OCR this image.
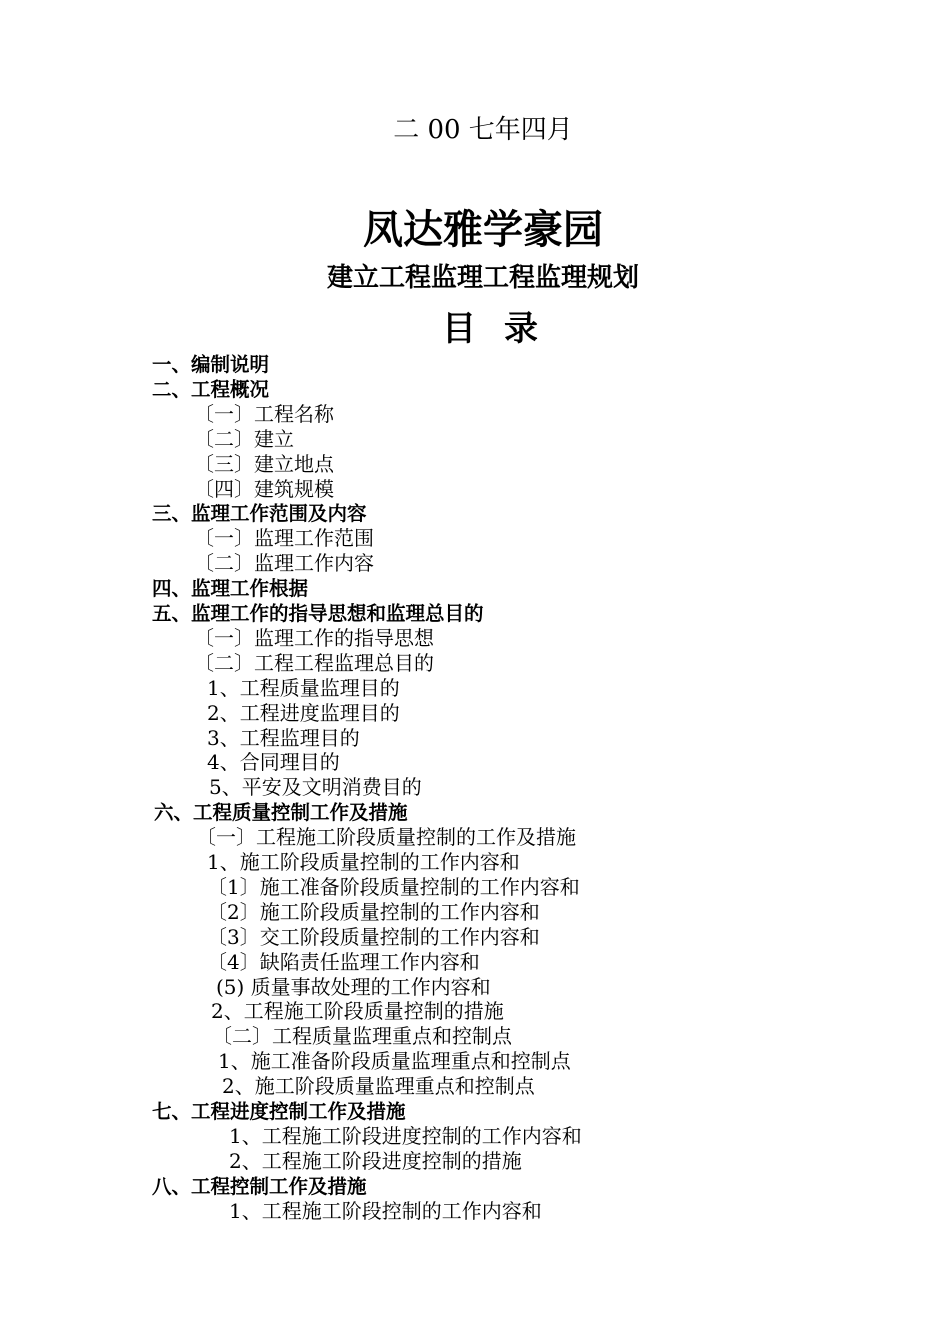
二 00 七年四月
凤达雅学豪园
建立工程监理工程监理规划
目录
一、编制说明
二、工程概况
〔一〕工程名称
〔二〕建立
〔三〕建立地点
〔四〕建筑规模
三、监理工作范围及内容
〔一〕监理工作范围
〔二〕监理工作内容
四、监理工作根据
五、监理工作的指导思想和监理总目的
〔一〕监理工作的指导思想
〔二〕工程工程监理总目的
1、工程质量监理目的
2、工程进度监理目的
3、工程监理目的
4、合同理目的
5、平安及文明消费目的
六、工程质量控制工作及措施
〔一〕工程施工阶段质量控制的工作及措施
1、施工阶段质量控制的工作内容和
〔1〕施工准备阶段质量控制的工作内容和
〔2〕施工阶段质量控制的工作内容和
〔3〕交工阶段质量控制的工作内容和
〔4〕缺陷责任监理工作内容和
(5) 质量事故处理的工作内容和
2、工程施工阶段质量控制的措施
〔二〕工程质量监理重点和控制点
1、施工准备阶段质量监理重点和控制点
2、施工阶段质量监理重点和控制点
七、工程进度控制工作及措施
1、工程施工阶段进度控制的工作内容和
2、工程施工阶段进度控制的措施
八、工程控制工作及措施
1、工程施工阶段控制的工作内容和
